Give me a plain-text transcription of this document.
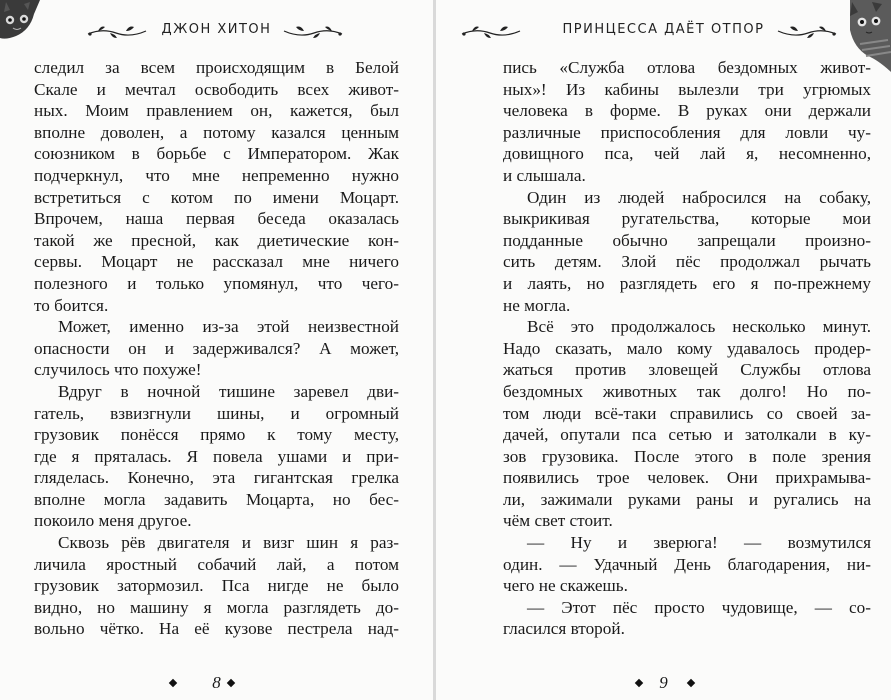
ДЖОН ХИТОН
следил за всем происходящим в Белой
Скале и мечтал освободить всех живот-
ных. Моим правлением он, кажется, был
вполне доволен, а потому казался ценным
союзником в борьбе с Императором. Жак
подчеркнул, что мне непременно нужно
встретиться с котом по имени Моцарт.
Впрочем, наша первая беседа оказалась
такой же пресной, как диетические кон-
сервы. Моцарт не рассказал мне ничего
полезного и только упомянул, что чего-
то боится.
Может, именно из-за этой неизвестной
опасности он и задерживался? А может,
случилось что похуже!
Вдруг в ночной тишине заревел дви-
гатель, взвизгнули шины, и огромный
грузовик понёсся прямо к тому месту,
где я пряталась. Я повела ушами и при-
гляделась. Конечно, эта гигантская грелка
вполне могла задавить Моцарта, но бес-
покоило меня другое.
Сквозь рёв двигателя и визг шин я раз-
личила яростный собачий лай, а потом
грузовик затормозил. Пса нигде не было
видно, но машину я могла разглядеть до-
вольно чётко. На её кузове пестрела над-
8
ПРИНЦЕССА ДАЁТ ОТПОР
пись «Служба отлова бездомных живот-
ных»! Из кабины вылезли три угрюмых
человека в форме. В руках они держали
различные приспособления для ловли чу-
довищного пса, чей лай я, несомненно,
и слышала.
Один из людей набросился на собаку,
выкрикивая ругательства, которые мои
подданные обычно запрещали произно-
сить детям. Злой пёс продолжал рычать
и лаять, но разглядеть его я по-прежнему
не могла.
Всё это продолжалось несколько минут.
Надо сказать, мало кому удавалось продер-
жаться против зловещей Службы отлова
бездомных животных так долго! Но по-
том люди всё-таки справились со своей за-
дачей, опутали пса сетью и затолкали в ку-
зов грузовика. После этого в поле зрения
появились трое человек. Они прихрамыва-
ли, зажимали руками раны и ругались на
чём свет стоит.
— Ну и зверюга! — возмутился
один. — Удачный День благодарения, ни-
чего не скажешь.
— Этот пёс просто чудовище, — со-
гласился второй.
9
